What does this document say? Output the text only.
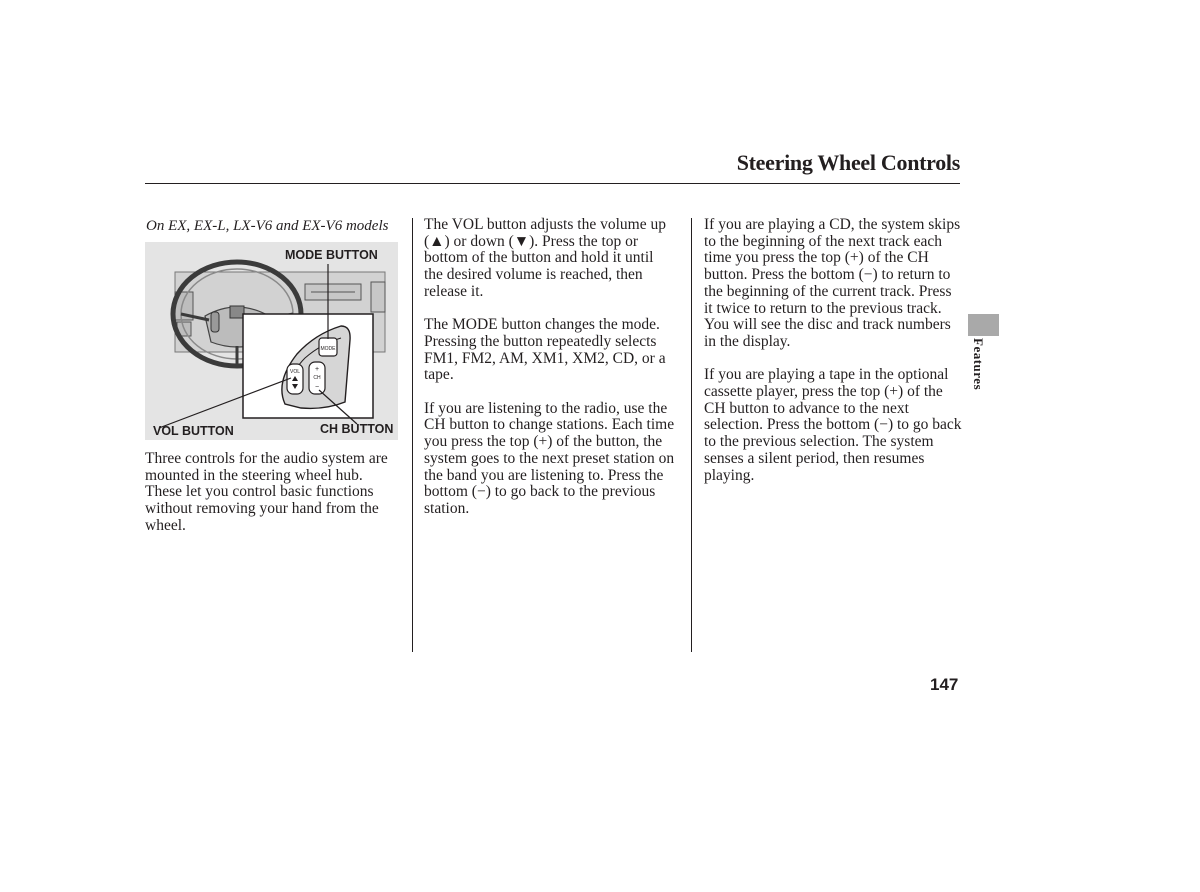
Steering Wheel Controls

On EX, EX-L, LX-V6 and EX-V6 models

MODE
VOL +
CH
−
MODE BUTTON
VOL BUTTON	CH BUTTON

Three controls for the audio system are mounted in the steering wheel hub. These let you control basic functions without removing your hand from the wheel.

The VOL button adjusts the volume up (▲) or down (▼). Press the top or bottom of the button and hold it until the desired volume is reached, then release it.

The MODE button changes the mode. Pressing the button repeatedly selects FM1, FM2, AM, XM1, XM2, CD, or a tape.

If you are listening to the radio, use the CH button to change stations. Each time you press the top (+) of the button, the system goes to the next preset station on the band you are listening to. Press the bottom (−) to go back to the previous station.

If you are playing a CD, the system skips to the beginning of the next track each time you press the top (+) of the CH button. Press the bottom (−) to return to the beginning of the current track. Press it twice to return to the previous track. You will see the disc and track numbers in the display.

If you are playing a tape in the optional cassette player, press the top (+) of the CH button to advance to the next selection. Press the bottom (−) to go back to the previous selection. The system senses a silent period, then resumes playing.

Features

147
